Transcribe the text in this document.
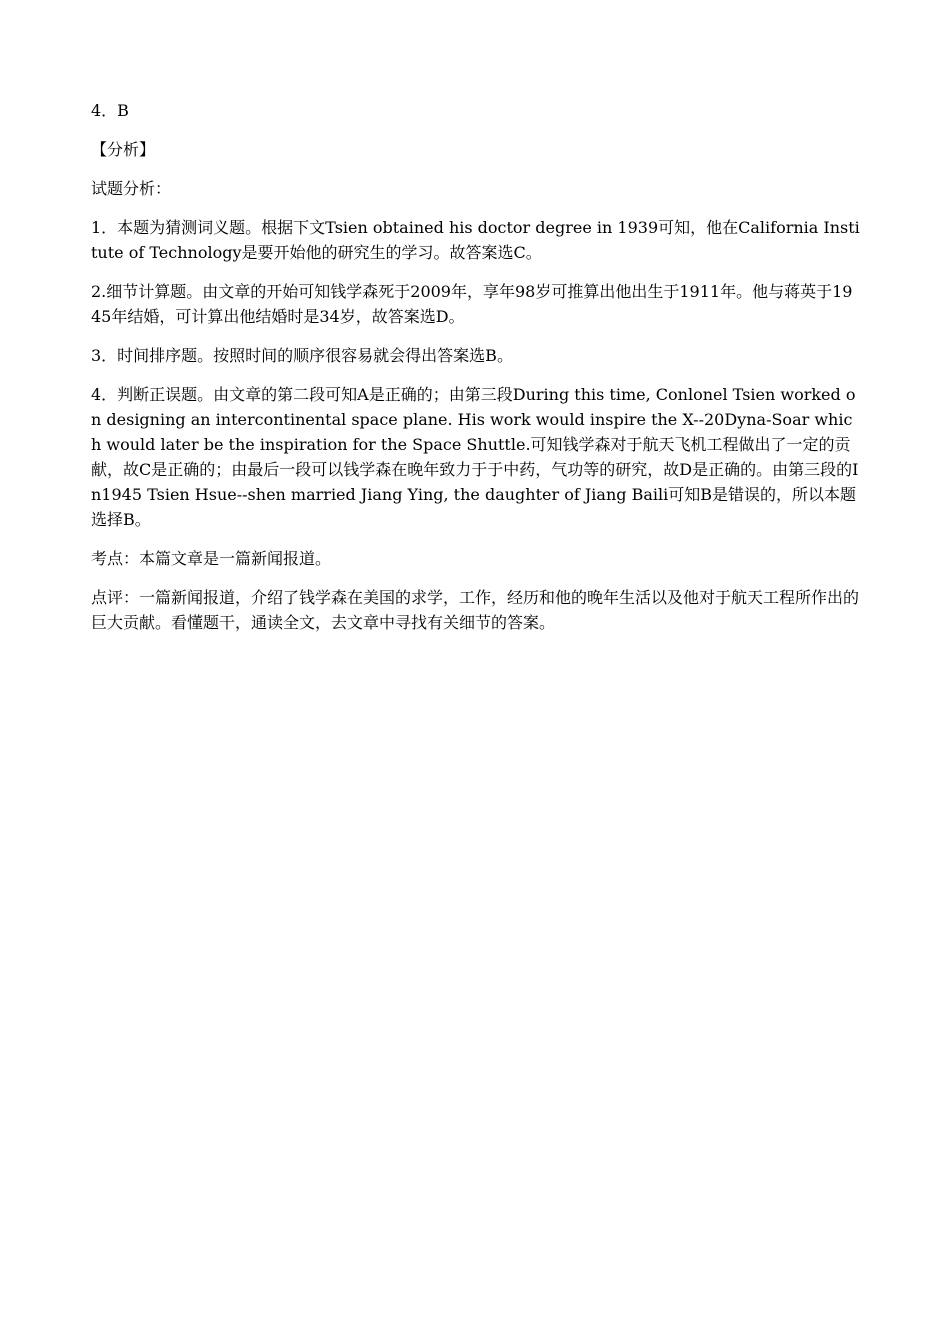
4．B

【分析】

试题分析：

1．本题为猜测词义题。根据下文Tsien obtained his doctor degree in 1939可知，他在California Institute of Technology是要开始他的研究生的学习。故答案选C。

2.细节计算题。由文章的开始可知钱学森死于2009年，享年98岁可推算出他出生于1911年。他与蒋英于1945年结婚，可计算出他结婚时是34岁，故答案选D。

3．时间排序题。按照时间的顺序很容易就会得出答案选B。

4．判断正误题。由文章的第二段可知A是正确的；由第三段During this time, Conlonel Tsien worked on designing an intercontinental space plane. His work would inspire the X--20Dyna-Soar which would later be the inspiration for the Space Shuttle.可知钱学森对于航天飞机工程做出了一定的贡献，故C是正确的；由最后一段可以钱学森在晚年致力于于中药，气功等的研究，故D是正确的。由第三段的In1945 Tsien Hsue--shen married Jiang Ying, the daughter of Jiang Baili可知B是错误的，所以本题选择B。

考点：本篇文章是一篇新闻报道。

点评：一篇新闻报道，介绍了钱学森在美国的求学，工作，经历和他的晚年生活以及他对于航天工程所作出的巨大贡献。看懂题干，通读全文，去文章中寻找有关细节的答案。
